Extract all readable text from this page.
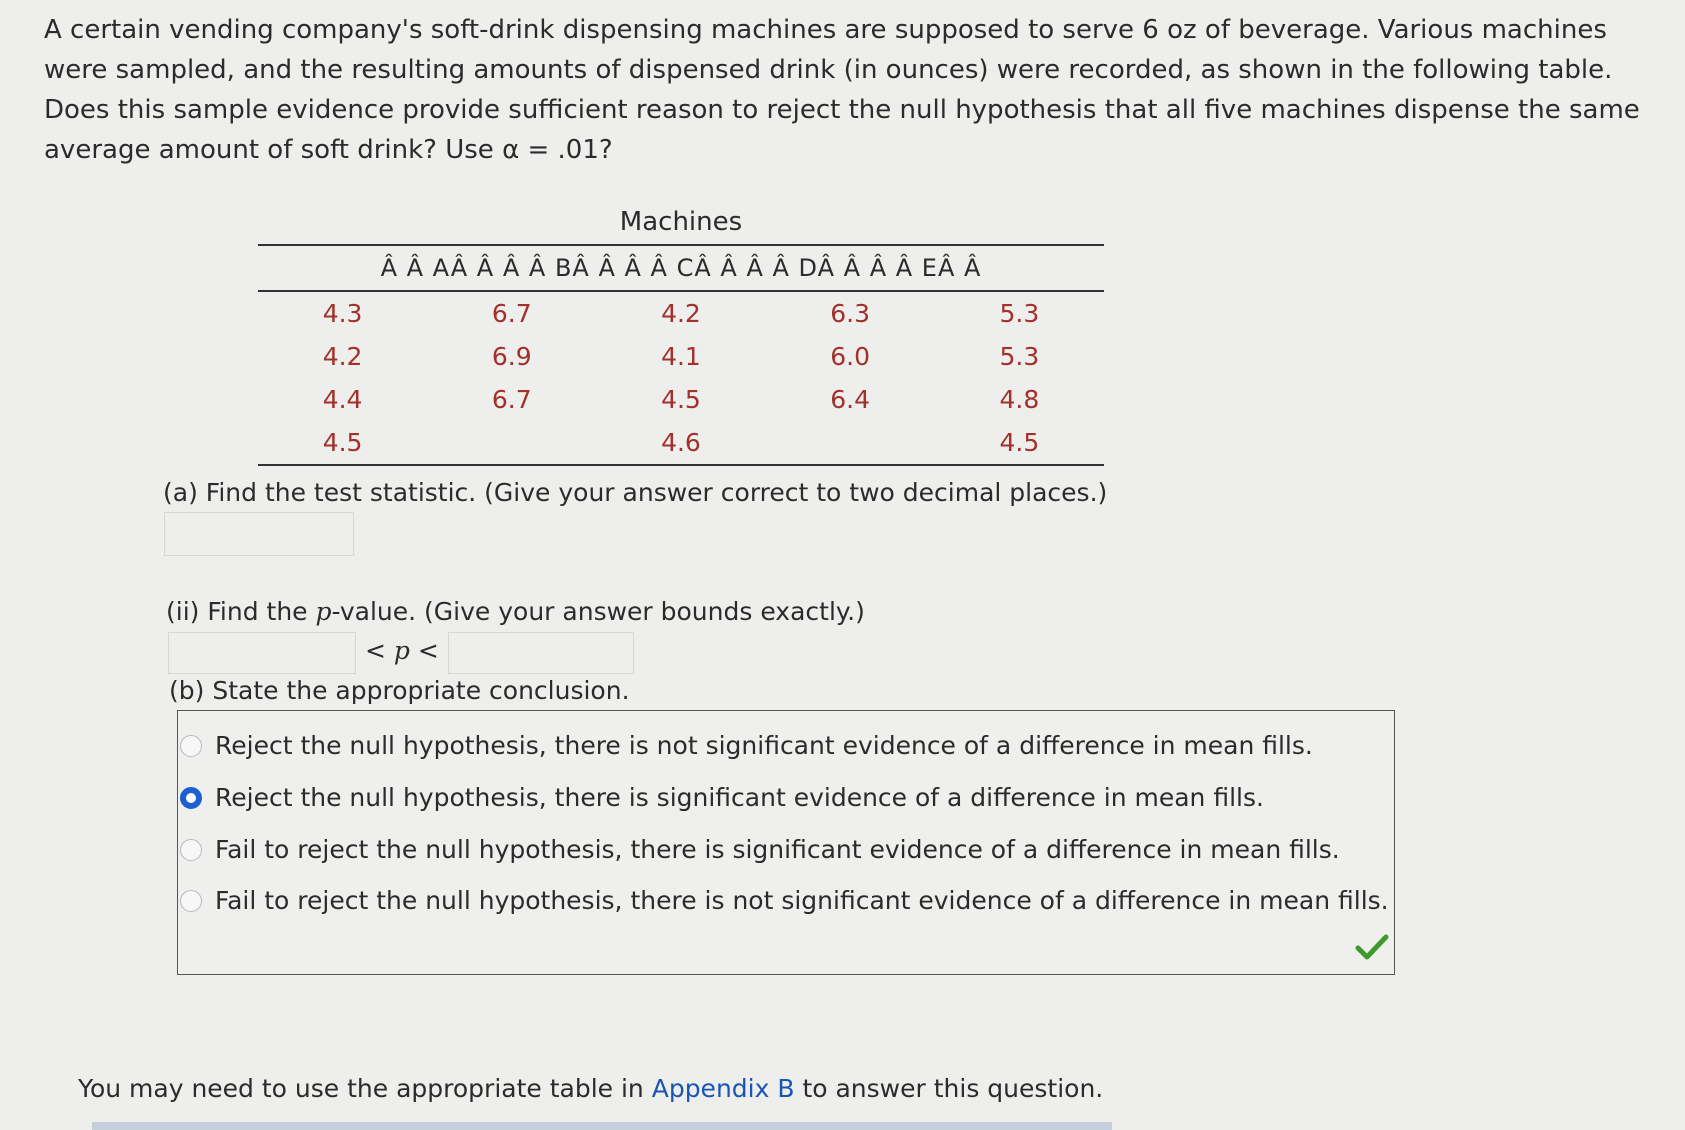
A certain vending company's soft-drink dispensing machines are supposed to serve 6 oz of beverage. Various machines were sampled, and the resulting amounts of dispensed drink (in ounces) were recorded, as shown in the following table. Does this sample evidence provide sufficient reason to reject the null hypothesis that all five machines dispense the same average amount of soft drink? Use α = .01?

Machines
Â Â AÂ Â Â Â BÂ Â Â Â CÂ Â Â Â DÂ Â Â Â EÂ Â
4.3	6.7	4.2	6.3	5.3
4.2	6.9	4.1	6.0	5.3
4.4	6.7	4.5	6.4	4.8
4.5		4.6		4.5

(a) Find the test statistic. (Give your answer correct to two decimal places.)

(ii) Find the p-value. (Give your answer bounds exactly.)

< p <

(b) State the appropriate conclusion.

Reject the null hypothesis, there is not significant evidence of a difference in mean fills.
Reject the null hypothesis, there is significant evidence of a difference in mean fills.
Fail to reject the null hypothesis, there is significant evidence of a difference in mean fills.
Fail to reject the null hypothesis, there is not significant evidence of a difference in mean fills.

You may need to use the appropriate table in Appendix B to answer this question.
